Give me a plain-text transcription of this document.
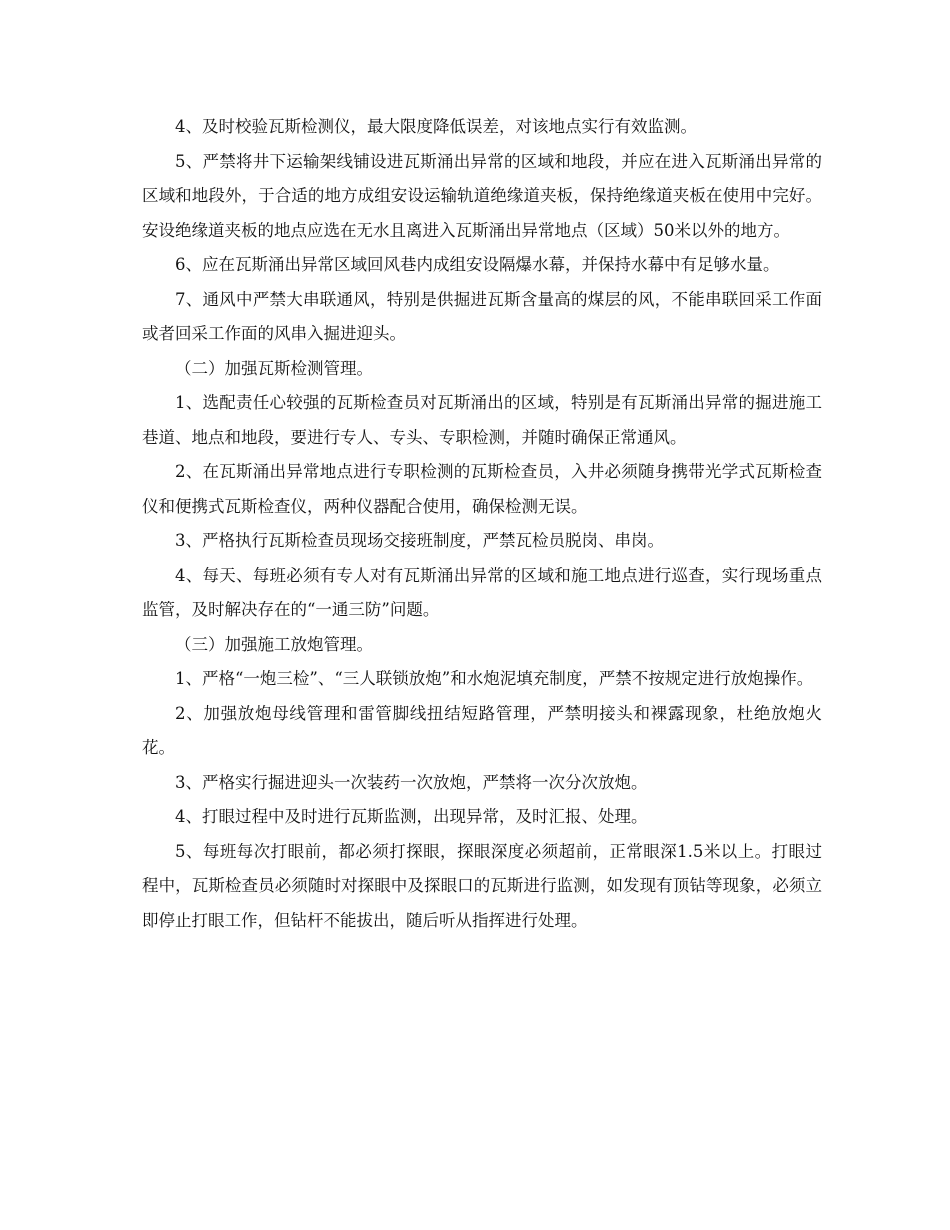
4、及时校验瓦斯检测仪，最大限度降低误差，对该地点实行有效监测。

5、严禁将井下运输架线铺设进瓦斯涌出异常的区域和地段，并应在进入瓦斯涌出异常的区域和地段外，于合适的地方成组安设运输轨道绝缘道夹板，保持绝缘道夹板在使用中完好。安设绝缘道夹板的地点应选在无水且离进入瓦斯涌出异常地点（区域）50米以外的地方。

6、应在瓦斯涌出异常区域回风巷内成组安设隔爆水幕，并保持水幕中有足够水量。

7、通风中严禁大串联通风，特别是供掘进瓦斯含量高的煤层的风，不能串联回采工作面或者回采工作面的风串入掘进迎头。

（二）加强瓦斯检测管理。

1、选配责任心较强的瓦斯检查员对瓦斯涌出的区域，特别是有瓦斯涌出异常的掘进施工巷道、地点和地段，要进行专人、专头、专职检测，并随时确保正常通风。

2、在瓦斯涌出异常地点进行专职检测的瓦斯检查员，入井必须随身携带光学式瓦斯检查仪和便携式瓦斯检查仪，两种仪器配合使用，确保检测无误。

3、严格执行瓦斯检查员现场交接班制度，严禁瓦检员脱岗、串岗。

4、每天、每班必须有专人对有瓦斯涌出异常的区域和施工地点进行巡查，实行现场重点监管，及时解决存在的“一通三防”问题。

（三）加强施工放炮管理。

1、严格“一炮三检”、“三人联锁放炮”和水炮泥填充制度，严禁不按规定进行放炮操作。

2、加强放炮母线管理和雷管脚线扭结短路管理，严禁明接头和裸露现象，杜绝放炮火花。

3、严格实行掘进迎头一次装药一次放炮，严禁将一次分次放炮。

4、打眼过程中及时进行瓦斯监测，出现异常，及时汇报、处理。

5、每班每次打眼前，都必须打探眼，探眼深度必须超前，正常眼深1.5米以上。打眼过程中，瓦斯检查员必须随时对探眼中及探眼口的瓦斯进行监测，如发现有顶钻等现象，必须立即停止打眼工作，但钻杆不能拔出，随后听从指挥进行处理。
